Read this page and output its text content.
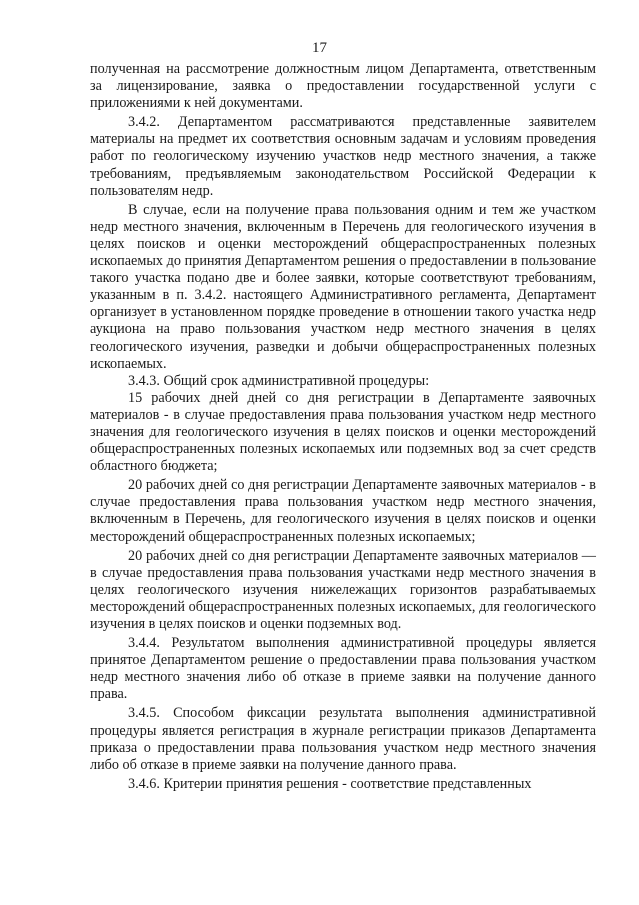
17

полученная на рассмотрение должностным лицом Департамента, ответственным за лицензирование, заявка о предоставлении государственной услуги с приложениями к ней документами.

3.4.2. Департаментом рассматриваются представленные заявителем материалы на предмет их соответствия основным задачам и условиям проведения работ по геологическому изучению участков недр местного значения, а также требованиям, предъявляемым законодательством Российской Федерации к пользователям недр.

В случае, если на получение права пользования одним и тем же участком недр местного значения, включенным в Перечень для геологического изучения в целях поисков и оценки месторождений общераспространенных полезных ископаемых до принятия Департаментом решения о предоставлении в пользование такого участка подано две и более заявки, которые соответствуют требованиям, указанным в п. 3.4.2. настоящего Административного регламента, Департамент организует в установленном порядке проведение в отношении такого участка недр аукциона на право пользования участком недр местного значения в целях геологического изучения, разведки и добычи общераспространенных полезных ископаемых.

3.4.3. Общий срок административной процедуры:

15 рабочих дней дней со дня регистрации в Департаменте заявочных материалов - в случае предоставления права пользования участком недр местного значения для геологического изучения в целях поисков и оценки месторождений общераспространенных полезных ископаемых или подземных вод за счет средств областного бюджета;

20 рабочих дней со дня регистрации Департаменте заявочных материалов - в случае предоставления права пользования участком недр местного значения, включенным в Перечень, для геологического изучения в целях поисков и оценки месторождений общераспространенных полезных ископаемых;

20 рабочих дней со дня регистрации Департаменте заявочных материалов — в случае предоставления права пользования участками недр местного значения в целях геологического изучения нижележащих горизонтов разрабатываемых месторождений общераспространенных полезных ископаемых, для геологического изучения в целях поисков и оценки подземных вод.

3.4.4. Результатом выполнения административной процедуры является принятое Департаментом решение о предоставлении права пользования участком недр местного значения либо об отказе в приеме заявки на получение данного права.

3.4.5. Способом фиксации результата выполнения административной процедуры является регистрация в журнале регистрации приказов Департамента приказа о предоставлении права пользования участком недр местного значения либо об отказе в приеме заявки на получение данного права.

3.4.6. Критерии принятия решения - соответствие представленных
